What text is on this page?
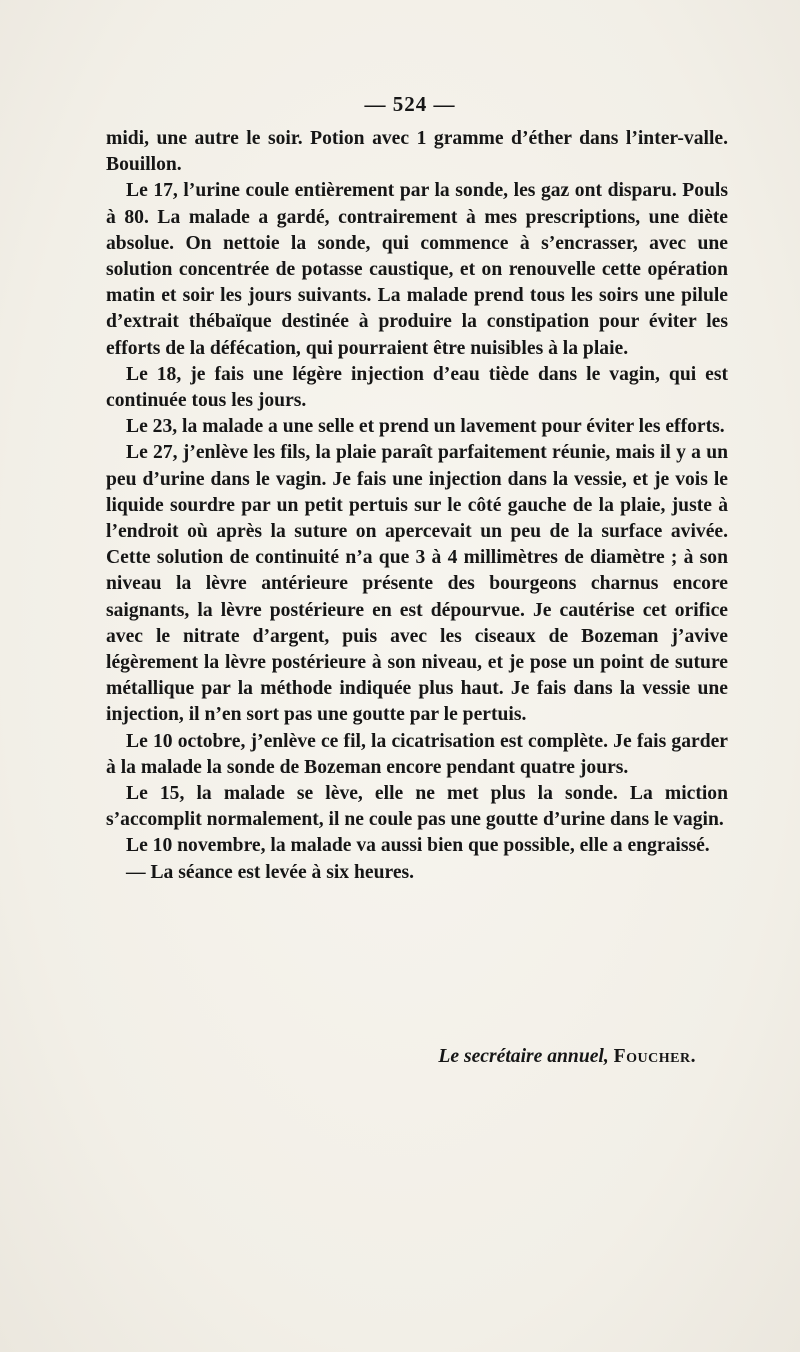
— 524 —

midi, une autre le soir. Potion avec 1 gramme d’éther dans l’inter-valle. Bouillon.

Le 17, l’urine coule entièrement par la sonde, les gaz ont disparu. Pouls à 80. La malade a gardé, contrairement à mes prescriptions, une diète absolue. On nettoie la sonde, qui commence à s’encrasser, avec une solution concentrée de potasse caustique, et on renouvelle cette opération matin et soir les jours suivants. La malade prend tous les soirs une pilule d’extrait thébaïque destinée à produire la constipation pour éviter les efforts de la défécation, qui pourraient être nuisibles à la plaie.

Le 18, je fais une légère injection d’eau tiède dans le vagin, qui est continuée tous les jours.

Le 23, la malade a une selle et prend un lavement pour éviter les efforts.

Le 27, j’enlève les fils, la plaie paraît parfaitement réunie, mais il y a un peu d’urine dans le vagin. Je fais une injection dans la vessie, et je vois le liquide sourdre par un petit pertuis sur le côté gauche de la plaie, juste à l’endroit où après la suture on apercevait un peu de la surface avivée. Cette solution de continuité n’a que 3 à 4 millimètres de diamètre ; à son niveau la lèvre antérieure présente des bourgeons charnus encore saignants, la lèvre postérieure en est dépourvue. Je cautérise cet orifice avec le nitrate d’argent, puis avec les ciseaux de Bozeman j’avive légèrement la lèvre postérieure à son niveau, et je pose un point de suture métallique par la méthode indiquée plus haut. Je fais dans la vessie une injection, il n’en sort pas une goutte par le pertuis.

Le 10 octobre, j’enlève ce fil, la cicatrisation est complète. Je fais garder à la malade la sonde de Bozeman encore pendant quatre jours.

Le 15, la malade se lève, elle ne met plus la sonde. La miction s’accomplit normalement, il ne coule pas une goutte d’urine dans le vagin.

Le 10 novembre, la malade va aussi bien que possible, elle a engraissé.

— La séance est levée à six heures.

Le secrétaire annuel, Foucher.
